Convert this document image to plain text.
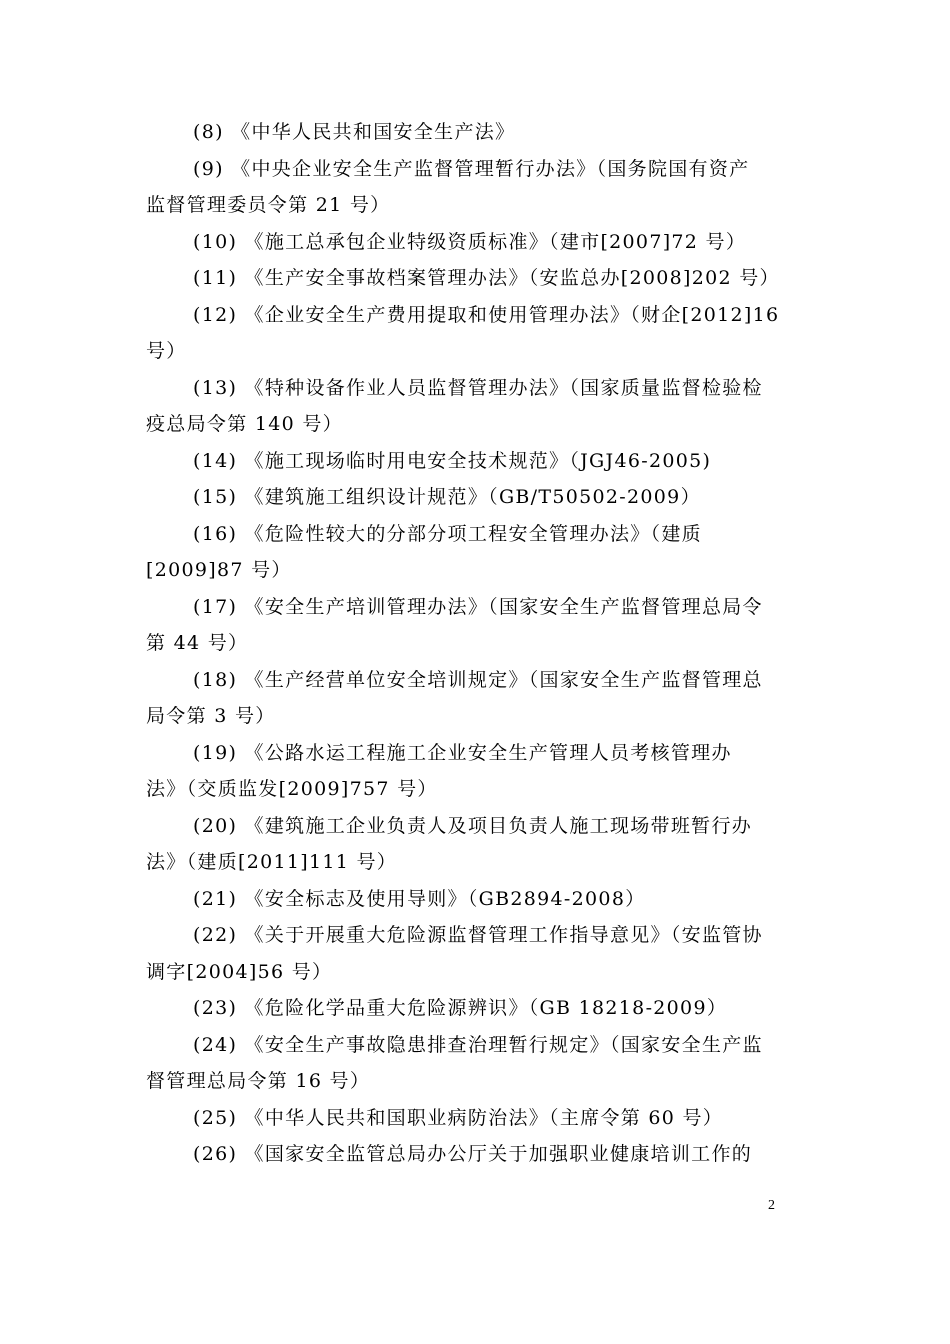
(8) 《中华人民共和国安全生产法》
(9) 《中央企业安全生产监督管理暂行办法》（国务院国有资产
监督管理委员令第 21 号）
(10) 《施工总承包企业特级资质标准》（建市[2007]72 号）
(11) 《生产安全事故档案管理办法》（安监总办[2008]202 号）
(12) 《企业安全生产费用提取和使用管理办法》（财企[2012]16
号）
(13) 《特种设备作业人员监督管理办法》（国家质量监督检验检
疫总局令第 140 号）
(14) 《施工现场临时用电安全技术规范》（JGJ46-2005)
(15) 《建筑施工组织设计规范》（GB/T50502-2009）
(16) 《危险性较大的分部分项工程安全管理办法》（建质
[2009]87 号）
(17) 《安全生产培训管理办法》（国家安全生产监督管理总局令
第 44 号）
(18) 《生产经营单位安全培训规定》（国家安全生产监督管理总
局令第 3 号）
(19) 《公路水运工程施工企业安全生产管理人员考核管理办
法》（交质监发[2009]757 号）
(20) 《建筑施工企业负责人及项目负责人施工现场带班暂行办
法》（建质[2011]111 号）
(21) 《安全标志及使用导则》（GB2894-2008）
(22) 《关于开展重大危险源监督管理工作指导意见》（安监管协
调字[2004]56 号）
(23) 《危险化学品重大危险源辨识》（GB 18218-2009）
(24) 《安全生产事故隐患排查治理暂行规定》（国家安全生产监
督管理总局令第 16 号）
(25) 《中华人民共和国职业病防治法》（主席令第 60 号）
(26) 《国家安全监管总局办公厅关于加强职业健康培训工作的
2
